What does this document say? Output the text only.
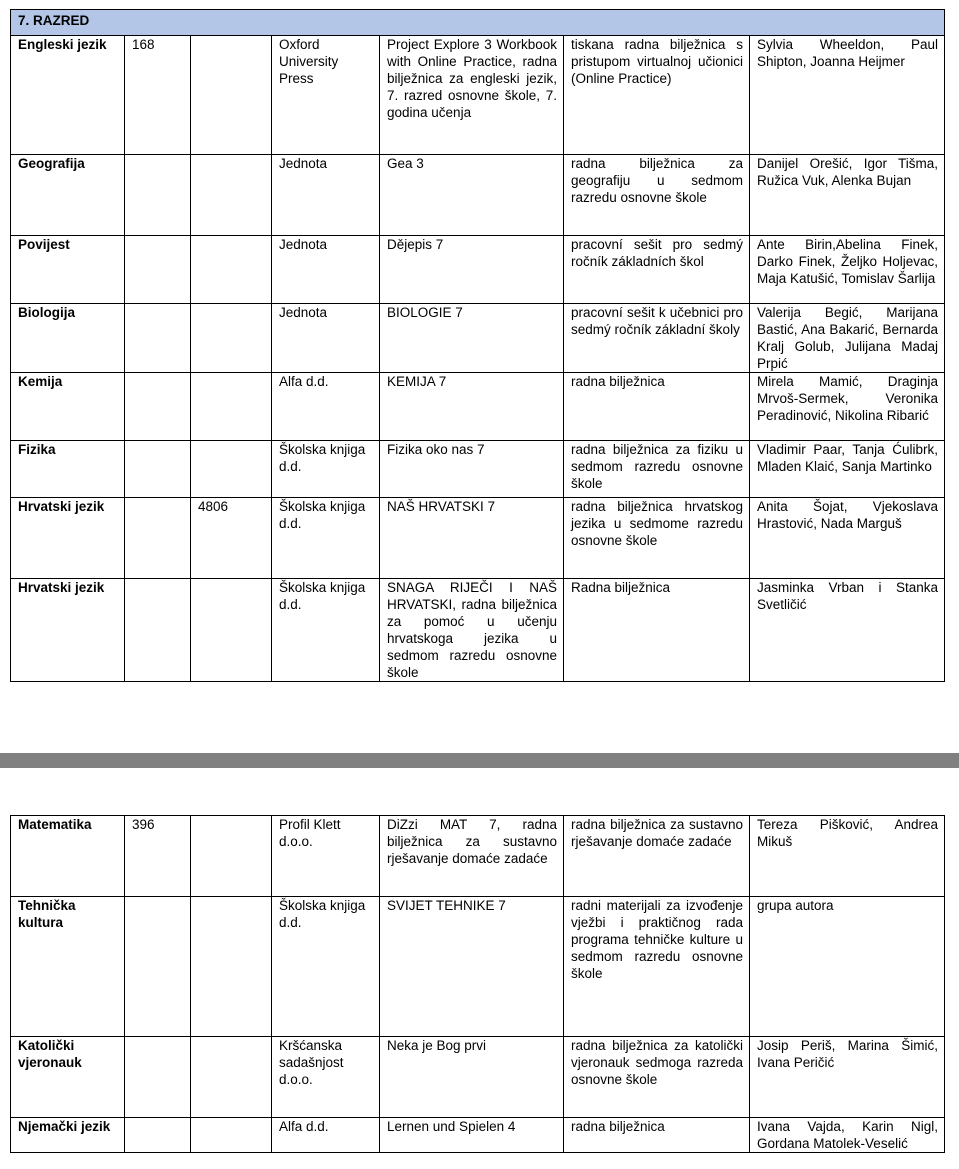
7. RAZRED						
Engleski jezik	168		Oxford University Press	Project Explore 3 Workbook with Online Practice, radna bilježnica za engleski jezik, 7. razred osnovne škole, 7. godina učenja	tiskana radna bilježnica s pristupom virtualnoj učionici (Online Practice)	Sylvia Wheeldon, Paul Shipton, Joanna Heijmer
Geografija			Jednota	Gea 3	radna bilježnica za geografiju u sedmom razredu osnovne škole	Danijel Orešić, Igor Tišma, Ružica Vuk, Alenka Bujan
Povijest			Jednota	Dějepis 7	pracovní sešit pro sedmý ročník základních škol	Ante Birin,Abelina Finek, Darko Finek, Željko Holjevac, Maja Katušić, Tomislav Šarlija
Biologija			Jednota	BIOLOGIE 7	pracovní sešit k učebnici pro sedmý ročník základní školy	Valerija Begić, Marijana Bastić, Ana Bakarić, Bernarda Kralj Golub, Julijana Madaj Prpić
Kemija			Alfa d.d.	KEMIJA 7	radna bilježnica	Mirela Mamić, Draginja Mrvoš-Sermek, Veronika Peradinović, Nikolina Ribarić
Fizika			Školska knjiga d.d.	Fizika oko nas 7	radna bilježnica za fiziku u sedmom razredu osnovne škole	Vladimir Paar, Tanja Ćulibrk, Mladen Klaić, Sanja Martinko
Hrvatski jezik		4806	Školska knjiga d.d.	NAŠ HRVATSKI 7	radna bilježnica hrvatskog jezika u sedmome razredu osnovne škole	Anita Šojat, Vjekoslava Hrastović, Nada Marguš
Hrvatski jezik			Školska knjiga d.d.	SNAGA RIJEČI I NAŠ HRVATSKI, radna bilježnica za pomoć u učenju hrvatskoga jezika u sedmom razredu osnovne škole	Radna bilježnica	Jasminka Vrban i Stanka Svetličić
Matematika	396		Profil Klett d.o.o.	DiZzi MAT 7, radna bilježnica za sustavno rješavanje domaće zadaće	radna bilježnica za sustavno rješavanje domaće zadaće	Tereza Pišković, Andrea Mikuš
Tehnička kultura			Školska knjiga d.d.	SVIJET TEHNIKE 7	radni materijali za izvođenje vježbi i praktičnog rada programa tehničke kulture u sedmom razredu osnovne škole	grupa autora
Katolički vjeronauk			Kršćanska sadašnjost d.o.o.	Neka je Bog prvi	radna bilježnica za katolički vjeronauk sedmoga razreda osnovne škole	Josip Periš, Marina Šimić, Ivana Peričić
Njemački jezik			Alfa d.d.	Lernen und Spielen 4	radna bilježnica	Ivana Vajda, Karin Nigl, Gordana Matolek-Veselić
